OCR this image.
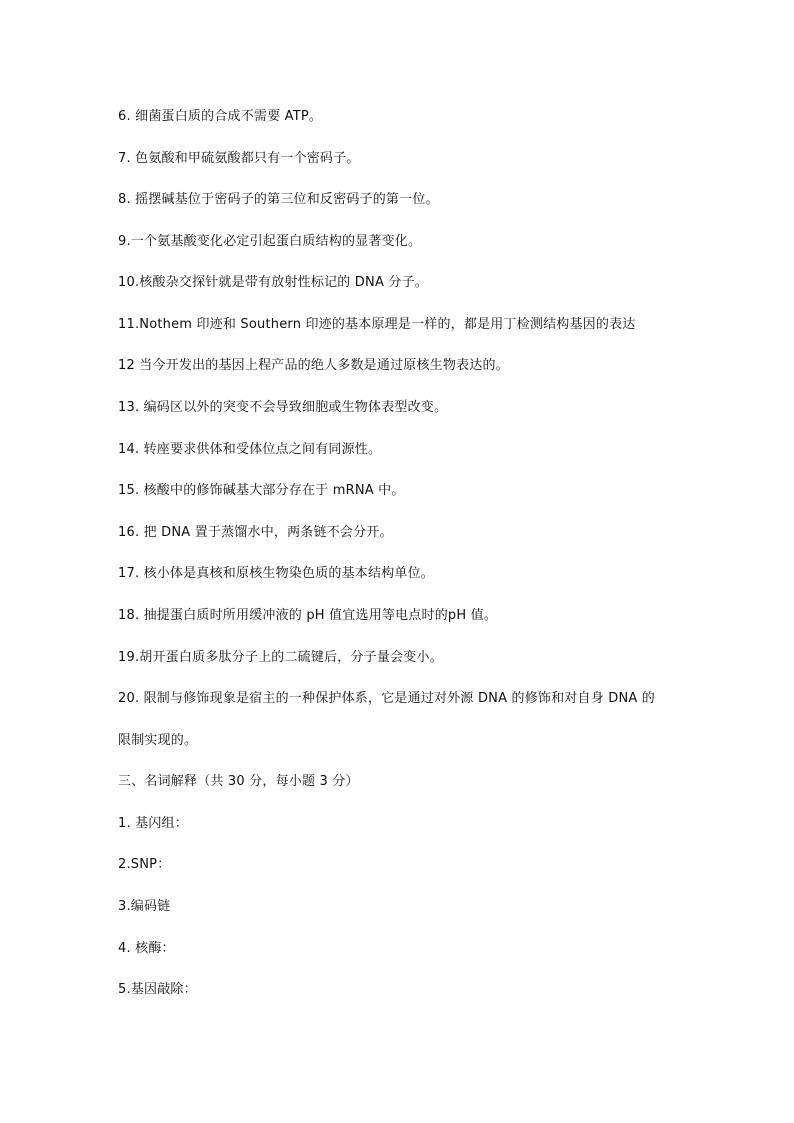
6. 细菌蛋白质的合成不需要 ATP。
7. 色氨酸和甲硫氨酸都只有一个密码子。
8. 摇摆碱基位于密码子的第三位和反密码子的第一位。
9.一个氨基酸变化必定引起蛋白质结构的显著变化。
10.核酸杂交探针就是带有放射性标记的 DNA 分子。
11.Nothem 印迹和 Southern 印迹的基本原理是一样的，都是用丁检测结构基因的表达
12 当今开发出的基因上程产品的绝人多数是通过原核生物表达的。
13. 编码区以外的突变不会导致细胞或生物体表型改变。
14. 转座要求供体和受体位点之间有同源性。
15. 核酸中的修饰碱基大部分存在于 mRNA 中。
16. 把 DNA 置于蒸馏水中，两条链不会分开。
17. 核小体是真核和原核生物染色质的基本结构单位。
18. 抽提蛋白质时所用缓冲液的 pH 值宜选用等电点时的pH 值。
19.胡开蛋白质多肽分子上的二硫键后，分子量会变小。
20. 限制与修饰现象是宿主的一种保护体系，它是通过对外源 DNA 的修饰和对自身 DNA 的
限制实现的。
三、名词解释（共 30 分，每小题 3 分）
1. 基闪组：
2.SNP：
3.编码链
4. 核酶：
5.基因敲除：
